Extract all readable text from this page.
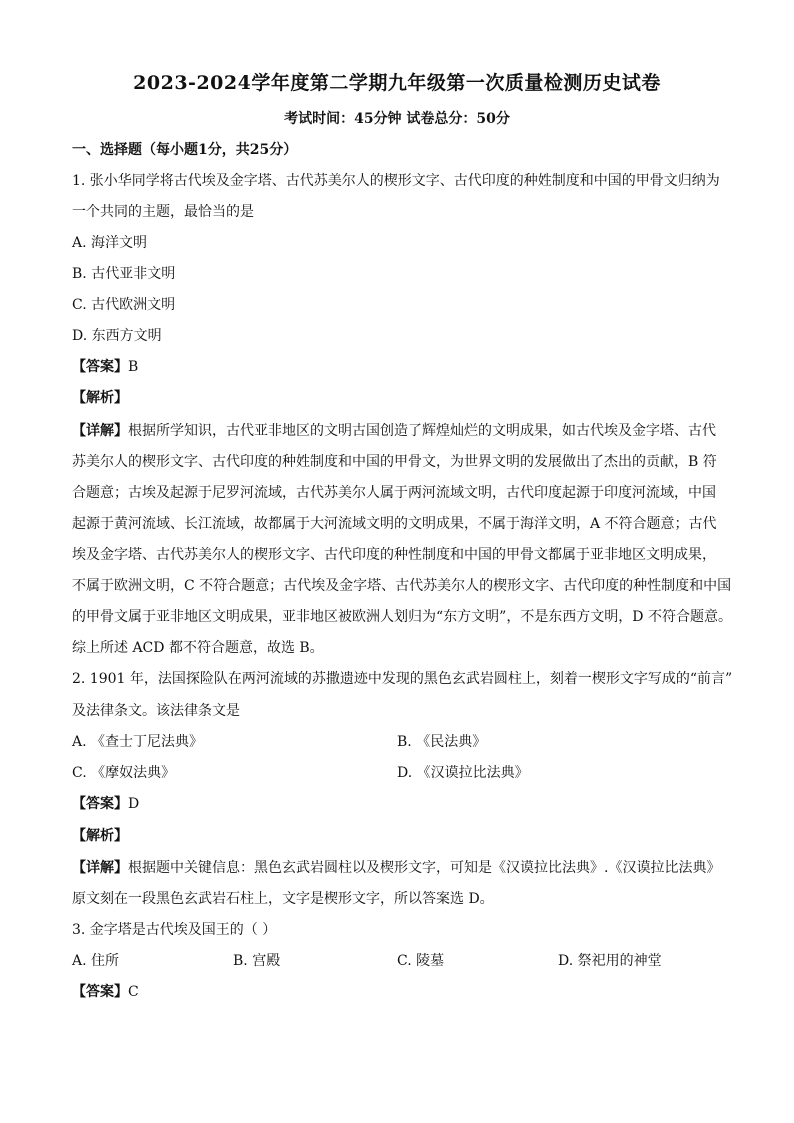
2023-2024学年度第二学期九年级第一次质量检测历史试卷
考试时间：45分钟 试卷总分：50分
一、选择题（每小题1分，共25分）
1. 张小华同学将古代埃及金字塔、古代苏美尔人的楔形文字、古代印度的种姓制度和中国的甲骨文归纳为
一个共同的主题，最恰当的是
A. 海洋文明
B. 古代亚非文明
C. 古代欧洲文明
D. 东西方文明
【答案】B
【解析】
【详解】根据所学知识，古代亚非地区的文明古国创造了辉煌灿烂的文明成果，如古代埃及金字塔、古代
苏美尔人的楔形文字、古代印度的种姓制度和中国的甲骨文，为世界文明的发展做出了杰出的贡献，B 符
合题意；古埃及起源于尼罗河流域，古代苏美尔人属于两河流域文明，古代印度起源于印度河流域，中国
起源于黄河流域、长江流域，故都属于大河流域文明的文明成果，不属于海洋文明，A 不符合题意；古代
埃及金字塔、古代苏美尔人的楔形文字、古代印度的种性制度和中国的甲骨文都属于亚非地区文明成果，
不属于欧洲文明，C 不符合题意；古代埃及金字塔、古代苏美尔人的楔形文字、古代印度的种性制度和中国
的甲骨文属于亚非地区文明成果，亚非地区被欧洲人划归为“东方文明”，不是东西方文明，D 不符合题意。
综上所述 ACD 都不符合题意，故选 B。
2. 1901 年，法国探险队在两河流域的苏撒遗迹中发现的黑色玄武岩圆柱上，刻着一楔形文字写成的“前言”
及法律条文。该法律条文是
A. 《查士丁尼法典》	B. 《民法典》
C. 《摩奴法典》	D. 《汉谟拉比法典》
【答案】D
【解析】
【详解】根据题中关键信息：黑色玄武岩圆柱以及楔形文字，可知是《汉谟拉比法典》.《汉谟拉比法典》
原文刻在一段黑色玄武岩石柱上，文字是楔形文字，所以答案选 D。
3. 金字塔是古代埃及国王的（ ）
A. 住所	B. 宫殿	C. 陵墓	D. 祭祀用的神堂
【答案】C
